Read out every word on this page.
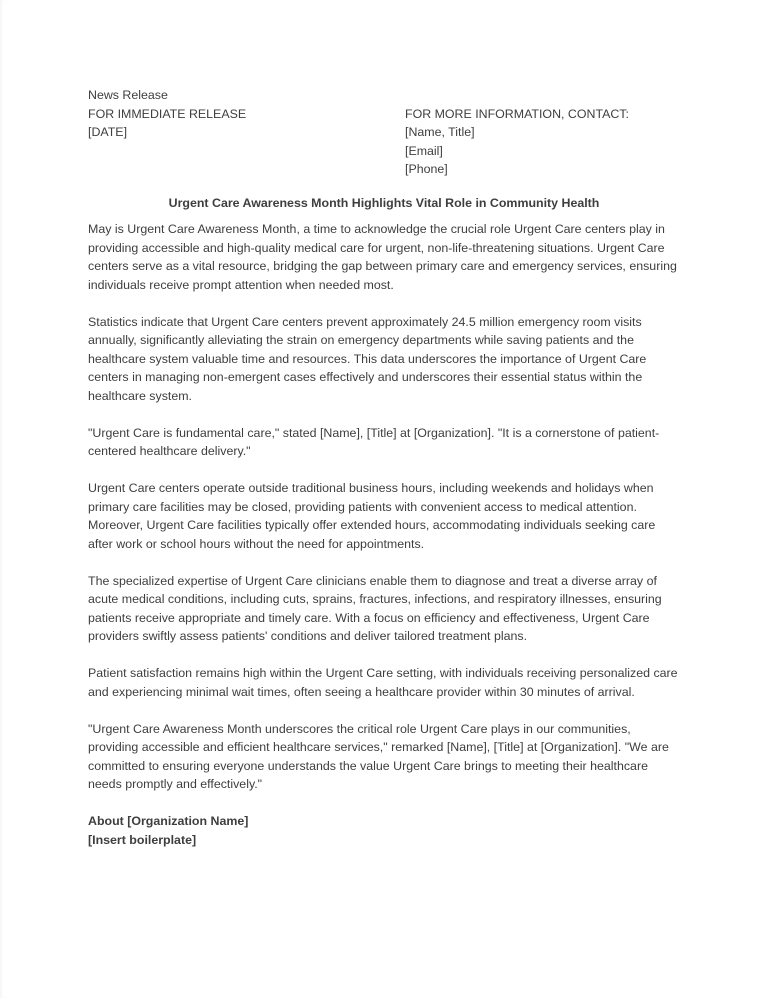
News Release

FOR IMMEDIATE RELEASE

[DATE]

FOR MORE INFORMATION, CONTACT:

[Name, Title]

[Email]

[Phone]

Urgent Care Awareness Month Highlights Vital Role in Community Health

May is Urgent Care Awareness Month, a time to acknowledge the crucial role Urgent Care centers play in providing accessible and high-quality medical care for urgent, non-life-threatening situations. Urgent Care centers serve as a vital resource, bridging the gap between primary care and emergency services, ensuring individuals receive prompt attention when needed most.

Statistics indicate that Urgent Care centers prevent approximately 24.5 million emergency room visits annually, significantly alleviating the strain on emergency departments while saving patients and the healthcare system valuable time and resources. This data underscores the importance of Urgent Care centers in managing non-emergent cases effectively and underscores their essential status within the healthcare system.

"Urgent Care is fundamental care," stated [Name], [Title] at [Organization]. "It is a cornerstone of patient-centered healthcare delivery."

Urgent Care centers operate outside traditional business hours, including weekends and holidays when primary care facilities may be closed, providing patients with convenient access to medical attention. Moreover, Urgent Care facilities typically offer extended hours, accommodating individuals seeking care after work or school hours without the need for appointments.

The specialized expertise of Urgent Care clinicians enable them to diagnose and treat a diverse array of acute medical conditions, including cuts, sprains, fractures, infections, and respiratory illnesses, ensuring patients receive appropriate and timely care. With a focus on efficiency and effectiveness, Urgent Care providers swiftly assess patients' conditions and deliver tailored treatment plans.

Patient satisfaction remains high within the Urgent Care setting, with individuals receiving personalized care and experiencing minimal wait times, often seeing a healthcare provider within 30 minutes of arrival.

"Urgent Care Awareness Month underscores the critical role Urgent Care plays in our communities, providing accessible and efficient healthcare services," remarked [Name], [Title] at [Organization]. "We are committed to ensuring everyone understands the value Urgent Care brings to meeting their healthcare needs promptly and effectively."

About [Organization Name]

[Insert boilerplate]
